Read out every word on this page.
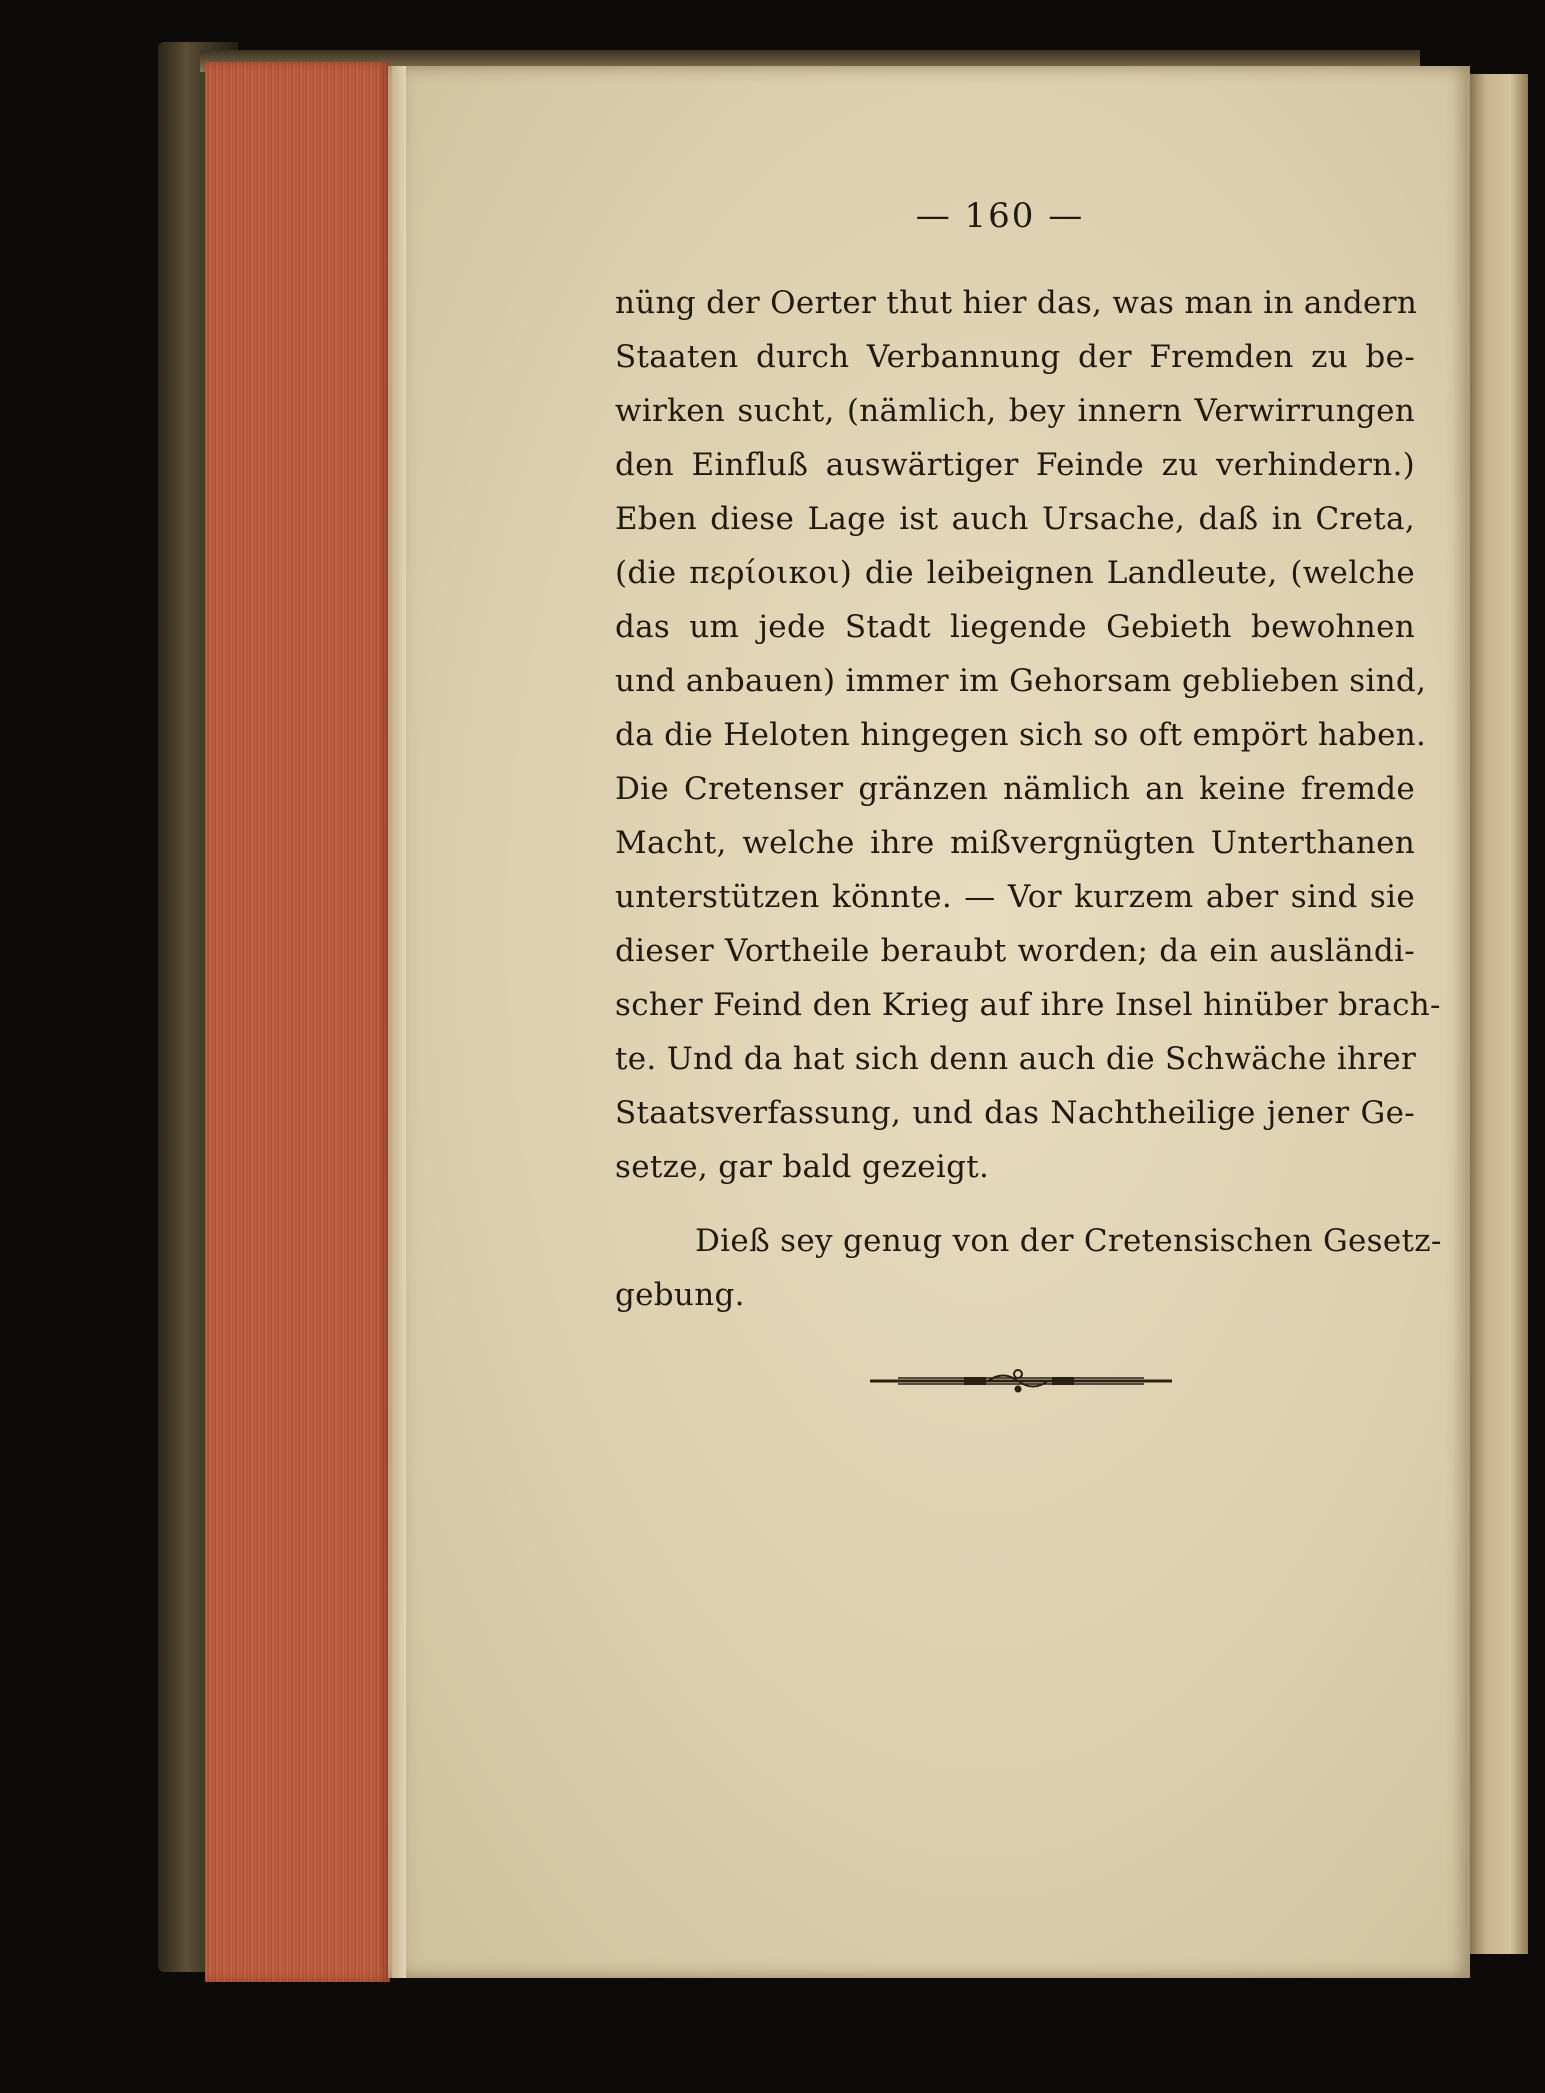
— 160 —
nüng der Oerter thut hier das, was man in andern
Staaten durch Verbannung der Fremden zu be-
wirken sucht, (nämlich, bey innern Verwirrungen
den Einfluß auswärtiger Feinde zu verhindern.)
Eben diese Lage ist auch Ursache, daß in Creta,
(die περίοικοι) die leibeignen Landleute, (welche
das um jede Stadt liegende Gebieth bewohnen
und anbauen) immer im Gehorsam geblieben sind,
da die Heloten hingegen sich so oft empört haben.
Die Cretenser gränzen nämlich an keine fremde
Macht, welche ihre mißvergnügten Unterthanen
unterstützen könnte. — Vor kurzem aber sind sie
dieser Vortheile beraubt worden; da ein ausländi-
scher Feind den Krieg auf ihre Insel hinüber brach-
te. Und da hat sich denn auch die Schwäche ihrer
Staatsverfassung, und das Nachtheilige jener Ge-
setze, gar bald gezeigt.
Dieß sey genug von der Cretensischen Gesetz-
gebung.
